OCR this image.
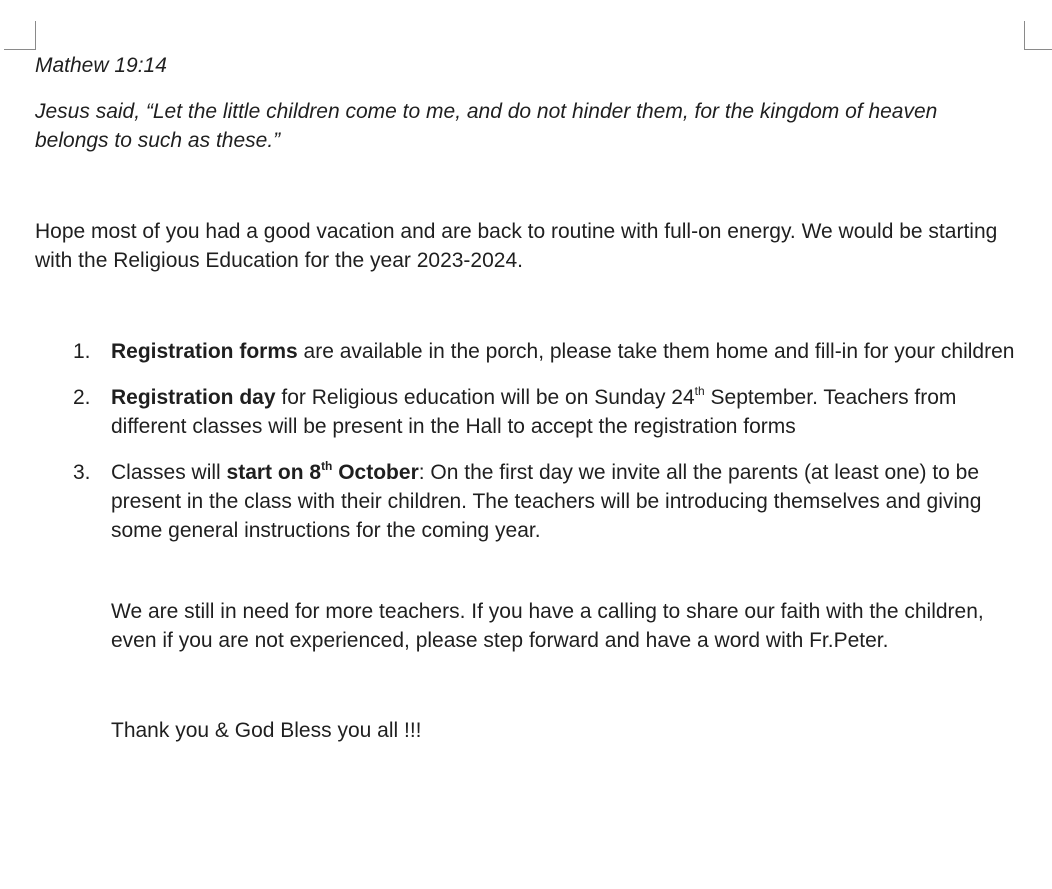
Mathew 19:14

Jesus said, “Let the little children come to me, and do not hinder them, for the kingdom of heaven belongs to such as these.”

Hope most of you had a good vacation and are back to routine with full-on energy. We would be starting with the Religious Education for the year 2023-2024.

1. Registration forms are available in the porch, please take them home and fill-in for your children
2. Registration day for Religious education will be on Sunday 24th September. Teachers from different classes will be present in the Hall to accept the registration forms
3. Classes will start on 8th October: On the first day we invite all the parents (at least one) to be present in the class with their children. The teachers will be introducing themselves and giving some general instructions for the coming year.

We are still in need for more teachers. If you have a calling to share our faith with the children, even if you are not experienced, please step forward and have a word with Fr.Peter.

Thank you & God Bless you all !!!
